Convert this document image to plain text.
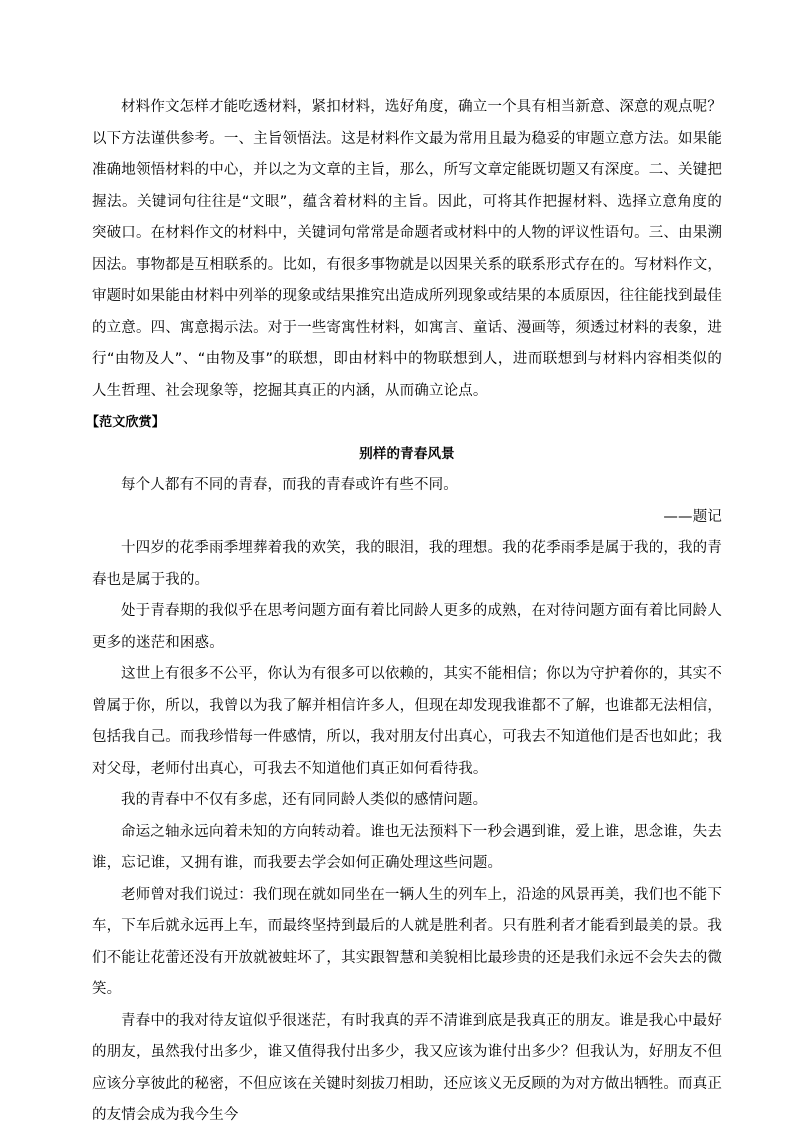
材料作文怎样才能吃透材料，紧扣材料，选好角度，确立一个具有相当新意、深意的观点呢？以下方法谨供参考。一、主旨领悟法。这是材料作文最为常用且最为稳妥的审题立意方法。如果能准确地领悟材料的中心，并以之为文章的主旨，那么，所写文章定能既切题又有深度。二、关键把握法。关键词句往往是“文眼”，蕴含着材料的主旨。因此，可将其作把握材料、选择立意角度的突破口。在材料作文的材料中，关键词句常常是命题者或材料中的人物的评议性语句。三、由果溯因法。事物都是互相联系的。比如，有很多事物就是以因果关系的联系形式存在的。写材料作文，审题时如果能由材料中列举的现象或结果推究出造成所列现象或结果的本质原因，往往能找到最佳的立意。四、寓意揭示法。对于一些寄寓性材料，如寓言、童话、漫画等，须透过材料的表象，进行“由物及人”、“由物及事”的联想，即由材料中的物联想到人，进而联想到与材料内容相类似的人生哲理、社会现象等，挖掘其真正的内涵，从而确立论点。

【范文欣赏】

别样的青春风景

每个人都有不同的青春，而我的青春或许有些不同。

——题记

十四岁的花季雨季埋葬着我的欢笑，我的眼泪，我的理想。我的花季雨季是属于我的，我的青春也是属于我的。

处于青春期的我似乎在思考问题方面有着比同龄人更多的成熟，在对待问题方面有着比同龄人更多的迷茫和困惑。

这世上有很多不公平，你认为有很多可以依赖的，其实不能相信；你以为守护着你的，其实不曾属于你，所以，我曾以为我了解并相信许多人，但现在却发现我谁都不了解，也谁都无法相信，包括我自己。而我珍惜每一件感情，所以，我对朋友付出真心，可我去不知道他们是否也如此；我对父母，老师付出真心，可我去不知道他们真正如何看待我。

我的青春中不仅有多虑，还有同同龄人类似的感情问题。

命运之轴永远向着未知的方向转动着。谁也无法预料下一秒会遇到谁，爱上谁，思念谁，失去谁，忘记谁，又拥有谁，而我要去学会如何正确处理这些问题。

老师曾对我们说过：我们现在就如同坐在一辆人生的列车上，沿途的风景再美，我们也不能下车，下车后就永远再上车，而最终坚持到最后的人就是胜利者。只有胜利者才能看到最美的景。我们不能让花蕾还没有开放就被蛀坏了，其实跟智慧和美貌相比最珍贵的还是我们永远不会失去的微笑。

青春中的我对待友谊似乎很迷茫，有时我真的弄不清谁到底是我真正的朋友。谁是我心中最好的朋友，虽然我付出多少，谁又值得我付出多少，我又应该为谁付出多少？但我认为，好朋友不但应该分享彼此的秘密，不但应该在关键时刻拔刀相助，还应该义无反顾的为对方做出牺牲。而真正的友情会成为我今生今
